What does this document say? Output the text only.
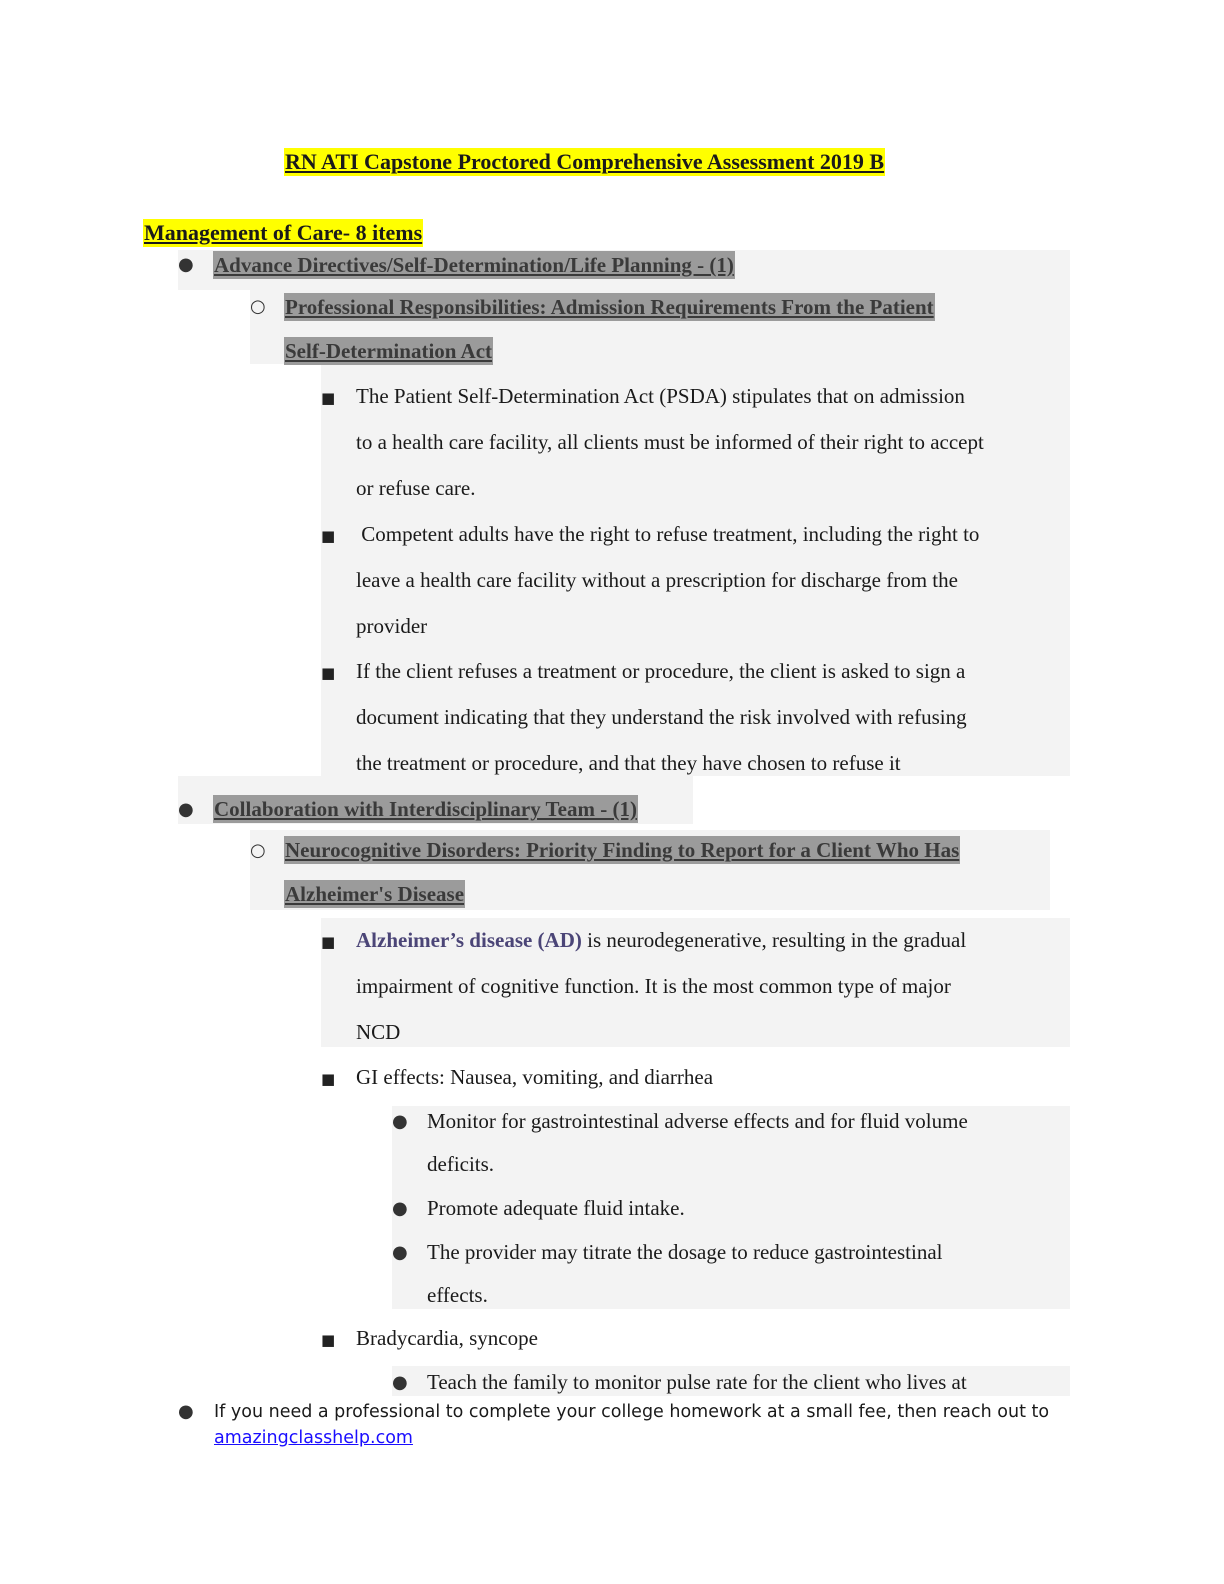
RN ATI Capstone Proctored Comprehensive Assessment 2019 B
Management of Care- 8 items
● Advance Directives/Self-Determination/Life Planning - (1)
○ Professional Responsibilities: Admission Requirements From the Patient
Self-Determination Act
■ The Patient Self-Determination Act (PSDA) stipulates that on admission
to a health care facility, all clients must be informed of their right to accept
or refuse care.
■ Competent adults have the right to refuse treatment, including the right to
leave a health care facility without a prescription for discharge from the
provider
■ If the client refuses a treatment or procedure, the client is asked to sign a
document indicating that they understand the risk involved with refusing
the treatment or procedure, and that they have chosen to refuse it
● Collaboration with Interdisciplinary Team - (1)
○ Neurocognitive Disorders: Priority Finding to Report for a Client Who Has
Alzheimer's Disease
■ Alzheimer’s disease (AD) is neurodegenerative, resulting in the gradual
impairment of cognitive function. It is the most common type of major
NCD
■ GI effects: Nausea, vomiting, and diarrhea
● Monitor for gastrointestinal adverse effects and for fluid volume
deficits.
● Promote adequate fluid intake.
● The provider may titrate the dosage to reduce gastrointestinal
effects.
■ Bradycardia, syncope
● Teach the family to monitor pulse rate for the client who lives at
● If you need a professional to complete your college homework at a small fee, then reach out to amazingclasshelp.com
